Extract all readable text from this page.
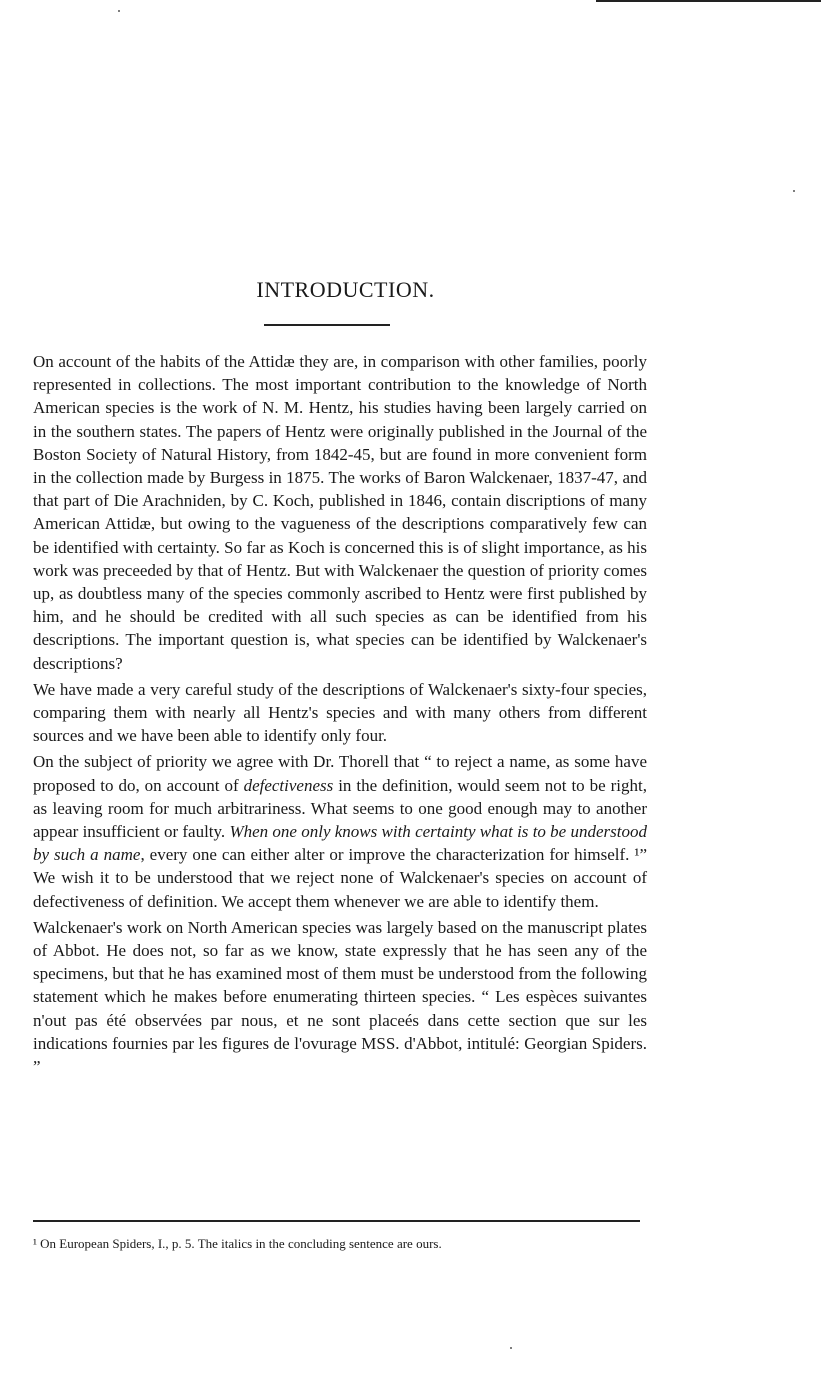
INTRODUCTION.

On account of the habits of the Attidæ they are, in comparison with other families, poorly represented in collections. The most important contribution to the knowledge of North American species is the work of N. M. Hentz, his studies having been largely carried on in the southern states. The papers of Hentz were originally published in the Journal of the Boston Society of Natural History, from 1842-45, but are found in more convenient form in the collection made by Burgess in 1875. The works of Baron Walckenaer, 1837-47, and that part of Die Arachniden, by C. Koch, published in 1846, contain discriptions of many American Attidæ, but owing to the vagueness of the descriptions comparatively few can be identified with certainty. So far as Koch is concerned this is of slight importance, as his work was preceeded by that of Hentz. But with Walckenaer the question of priority comes up, as doubtless many of the species commonly ascribed to Hentz were first published by him, and he should be credited with all such species as can be identified from his descriptions. The important question is, what species can be identified by Walckenaer's descriptions?

We have made a very careful study of the descriptions of Walckenaer's sixty-four species, comparing them with nearly all Hentz's species and with many others from different sources and we have been able to identify only four.

On the subject of priority we agree with Dr. Thorell that “ to reject a name, as some have proposed to do, on account of defectiveness in the definition, would seem not to be right, as leaving room for much arbitrariness. What seems to one good enough may to another appear insufficient or faulty. When one only knows with certainty what is to be understood by such a name, every one can either alter or improve the characterization for himself. ¹” We wish it to be understood that we reject none of Walckenaer's species on account of defectiveness of definition. We accept them whenever we are able to identify them.

Walckenaer's work on North American species was largely based on the manuscript plates of Abbot. He does not, so far as we know, state expressly that he has seen any of the specimens, but that he has examined most of them must be understood from the following statement which he makes before enumerating thirteen species. “ Les espèces suivantes n'out pas été observées par nous, et ne sont placeés dans cette section que sur les indications fournies par les figures de l'ovurage MSS. d'Abbot, intitulé: Georgian Spiders. ”

¹ On European Spiders, I., p. 5. The italics in the concluding sentence are ours.
